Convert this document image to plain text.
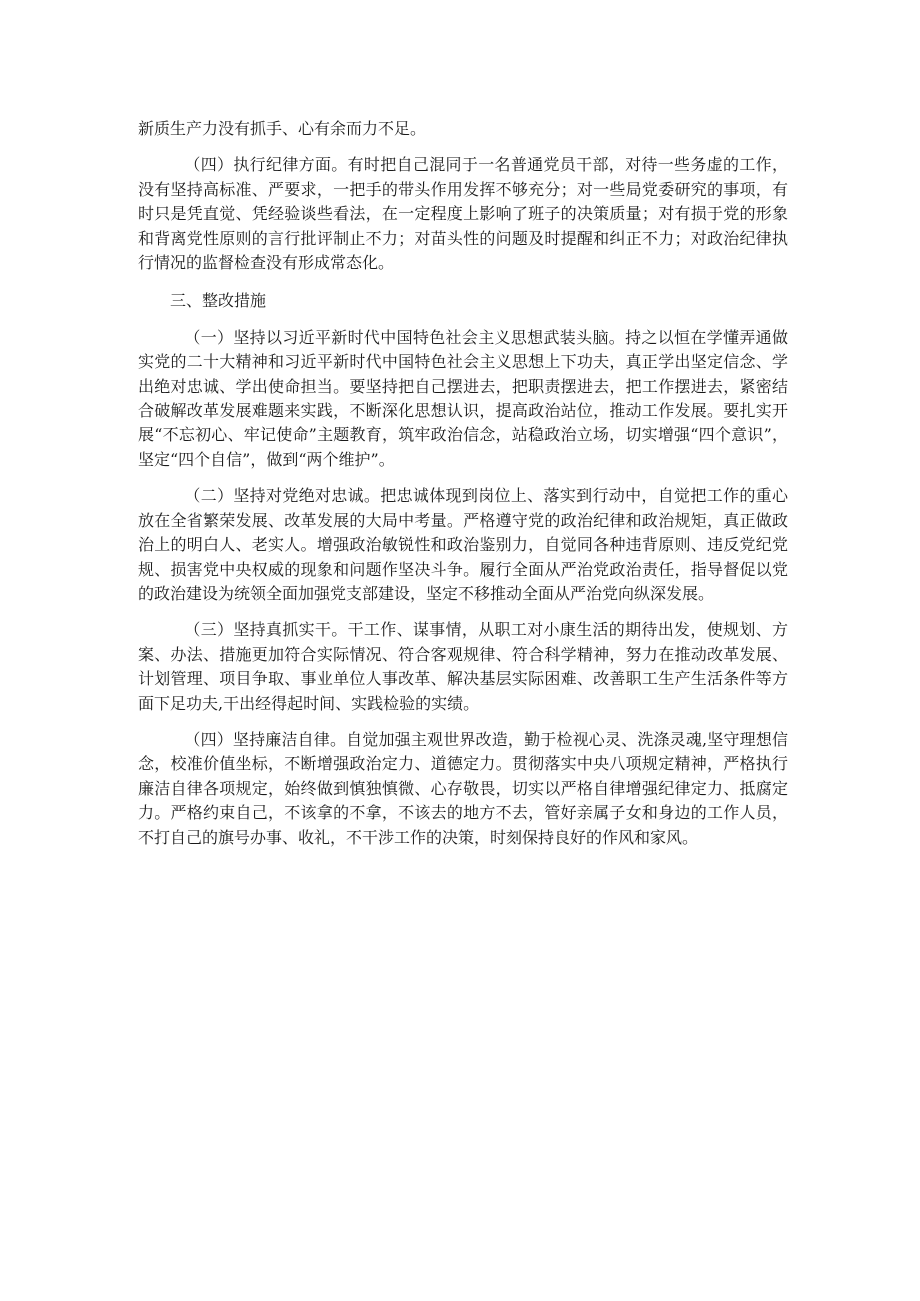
新质生产力没有抓手、心有余而力不足。

（四）执行纪律方面。有时把自己混同于一名普通党员干部，对待一些务虚的工作，没有坚持高标准、严要求，一把手的带头作用发挥不够充分；对一些局党委研究的事项，有时只是凭直觉、凭经验谈些看法，在一定程度上影响了班子的决策质量；对有损于党的形象和背离党性原则的言行批评制止不力；对苗头性的问题及时提醒和纠正不力；对政治纪律执行情况的监督检查没有形成常态化。

三、整改措施

（一）坚持以习近平新时代中国特色社会主义思想武装头脑。持之以恒在学懂弄通做实党的二十大精神和习近平新时代中国特色社会主义思想上下功夫，真正学出坚定信念、学出绝对忠诚、学出使命担当。要坚持把自己摆进去，把职责摆进去，把工作摆进去，紧密结合破解改革发展难题来实践，不断深化思想认识，提高政治站位，推动工作发展。要扎实开展“不忘初心、牢记使命”主题教育，筑牢政治信念，站稳政治立场，切实增强“四个意识”，坚定“四个自信”，做到“两个维护”。

（二）坚持对党绝对忠诚。把忠诚体现到岗位上、落实到行动中，自觉把工作的重心放在全省繁荣发展、改革发展的大局中考量。严格遵守党的政治纪律和政治规矩，真正做政治上的明白人、老实人。增强政治敏锐性和政治鉴别力，自觉同各种违背原则、违反党纪党规、损害党中央权威的现象和问题作坚决斗争。履行全面从严治党政治责任，指导督促以党的政治建设为统领全面加强党支部建设，坚定不移推动全面从严治党向纵深发展。

（三）坚持真抓实干。干工作、谋事情，从职工对小康生活的期待出发，使规划、方案、办法、措施更加符合实际情况、符合客观规律、符合科学精神，努力在推动改革发展、计划管理、项目争取、事业单位人事改革、解决基层实际困难、改善职工生产生活条件等方面下足功夫,干出经得起时间、实践检验的实绩。

（四）坚持廉洁自律。自觉加强主观世界改造，勤于检视心灵、洗涤灵魂,坚守理想信念，校准价值坐标，不断增强政治定力、道德定力。贯彻落实中央八项规定精神，严格执行廉洁自律各项规定，始终做到慎独慎微、心存敬畏，切实以严格自律增强纪律定力、抵腐定力。严格约束自己，不该拿的不拿，不该去的地方不去，管好亲属子女和身边的工作人员，不打自己的旗号办事、收礼，不干涉工作的决策，时刻保持良好的作风和家风。
